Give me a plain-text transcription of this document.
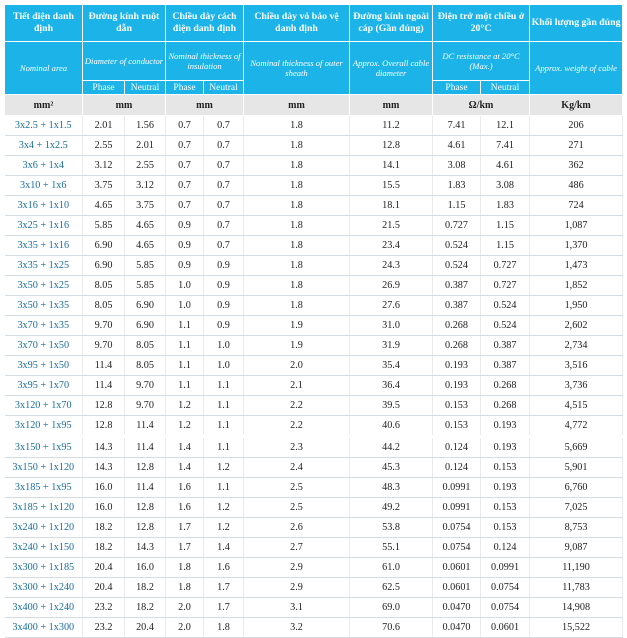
Tiết diện danh định	Đường kính ruột dẫn		Chiều dày cách điện danh định		Chiều dày vỏ bảo vệ danh định	Đường kính ngoài cáp (Gần đúng)	Điện trở một chiều ở 20°C		Khối lượng gần đúng
Nominal area	Diameter of conductor		Nominal thickness of insulation		Nominal thickness of outer sheath	Approx. Overall cable diameter	DC resistance at 20°C (Max.)		Approx. weight of cable
	Phase	Neutral	Phase	Neutral			Phase	Neutral	
mm²	mm		mm		mm	mm	Ω/km		Kg/km
3x2.5 + 1x1.5	2.01	1.56	0.7	0.7	1.8	11.2	7.41	12.1	206
3x4 + 1x2.5	2.55	2.01	0.7	0.7	1.8	12.8	4.61	7.41	271
3x6 + 1x4	3.12	2.55	0.7	0.7	1.8	14.1	3.08	4.61	362
3x10 + 1x6	3.75	3.12	0.7	0.7	1.8	15.5	1.83	3.08	486
3x16 + 1x10	4.65	3.75	0.7	0.7	1.8	18.1	1.15	1.83	724
3x25 + 1x16	5.85	4.65	0.9	0.7	1.8	21.5	0.727	1.15	1,087
3x35 + 1x16	6.90	4.65	0.9	0.7	1.8	23.4	0.524	1.15	1,370
3x35 + 1x25	6.90	5.85	0.9	0.9	1.8	24.3	0.524	0.727	1,473
3x50 + 1x25	8.05	5.85	1.0	0.9	1.8	26.9	0.387	0.727	1,852
3x50 + 1x35	8.05	6.90	1.0	0.9	1.8	27.6	0.387	0.524	1,950
3x70 + 1x35	9.70	6.90	1.1	0.9	1.9	31.0	0.268	0.524	2,602
3x70 + 1x50	9.70	8.05	1.1	1.0	1.9	31.9	0.268	0.387	2,734
3x95 + 1x50	11.4	8.05	1.1	1.0	2.0	35.4	0.193	0.387	3,516
3x95 + 1x70	11.4	9.70	1.1	1.1	2.1	36.4	0.193	0.268	3,736
3x120 + 1x70	12.8	9.70	1.2	1.1	2.2	39.5	0.153	0.268	4,515
3x120 + 1x95	12.8	11.4	1.2	1.1	2.2	40.6	0.153	0.193	4,772
3x150 + 1x95	14.3	11.4	1.4	1.1	2.3	44.2	0.124	0.193	5,669
3x150 + 1x120	14.3	12.8	1.4	1.2	2.4	45.3	0.124	0.153	5,901
3x185 + 1x95	16.0	11.4	1.6	1.1	2.5	48.3	0.0991	0.193	6,760
3x185 + 1x120	16.0	12.8	1.6	1.2	2.5	49.2	0.0991	0.153	7,025
3x240 + 1x120	18.2	12.8	1.7	1.2	2.6	53.8	0.0754	0.153	8,753
3x240 + 1x150	18.2	14.3	1.7	1.4	2.7	55.1	0.0754	0.124	9,087
3x300 + 1x185	20.4	16.0	1.8	1.6	2.9	61.0	0.0601	0.0991	11,190
3x300 + 1x240	20.4	18.2	1.8	1.7	2.9	62.5	0.0601	0.0754	11,783
3x400 + 1x240	23.2	18.2	2.0	1.7	3.1	69.0	0.0470	0.0754	14,908
3x400 + 1x300	23.2	20.4	2.0	1.8	3.2	70.6	0.0470	0.0601	15,522
